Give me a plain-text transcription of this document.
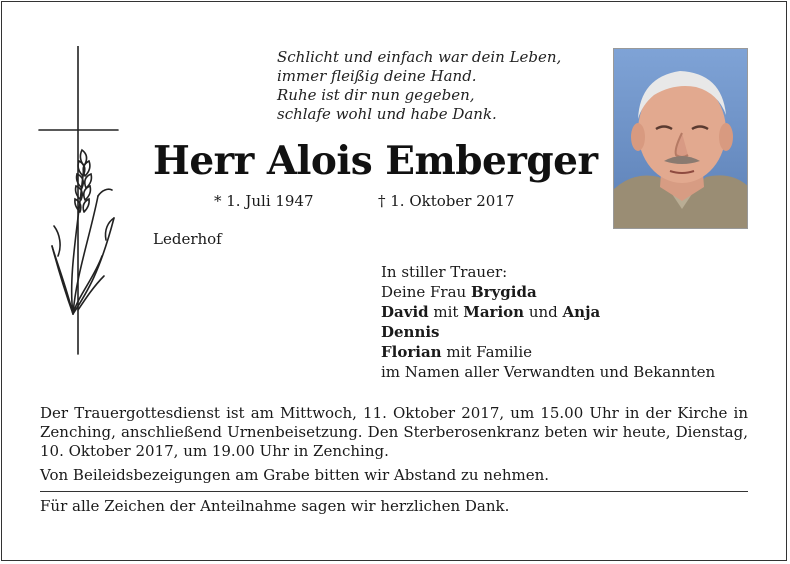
Schlicht und einfach war dein Leben,
immer fleißig deine Hand.
Ruhe ist dir nun gegeben,
schlafe wohl und habe Dank.
Herr Alois Emberger
* 1. Juli 1947	† 1. Oktober 2017
Lederhof
In stiller Trauer:
Deine Frau Brygida
David mit Marion und Anja
Dennis
Florian mit Familie
im Namen aller Verwandten und Bekannten

Der Trauergottesdienst ist am Mittwoch, 11. Oktober 2017, um 15.00 Uhr in der Kirche in Zenching, anschließend Urnenbeisetzung. Den Sterberosenkranz beten wir heute, Dienstag, 10. Oktober 2017, um 19.00 Uhr in Zenching.

Von Beileidsbezeigungen am Grabe bitten wir Abstand zu nehmen.
Für alle Zeichen der Anteilnahme sagen wir herzlichen Dank.
